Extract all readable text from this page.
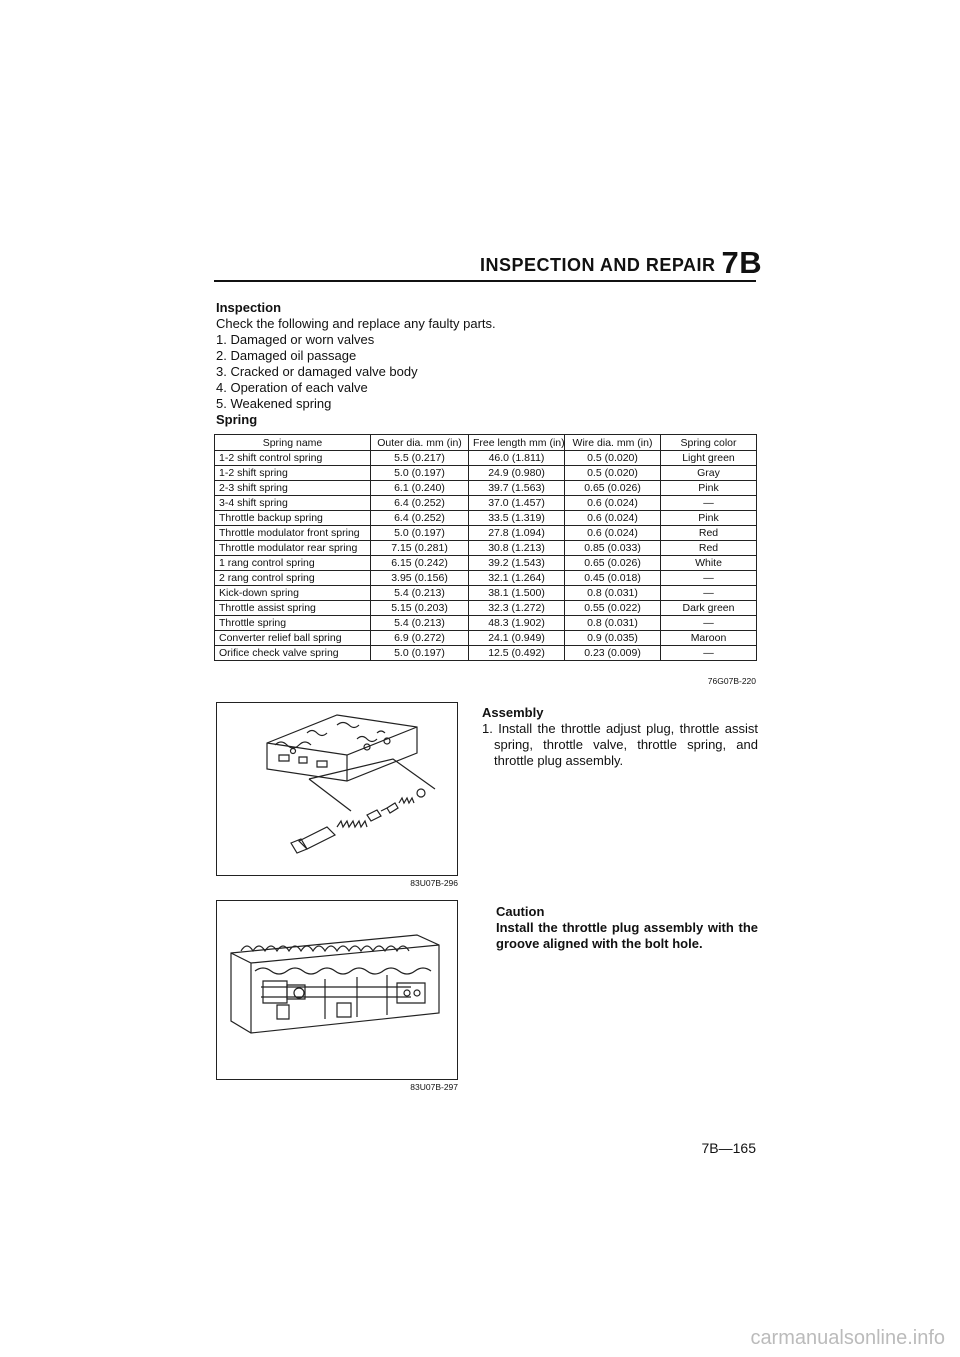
INSPECTION AND REPAIR 7B
Inspection
Check the following and replace any faulty parts.
1. Damaged or worn valves
2. Damaged oil passage
3. Cracked or damaged valve body
4. Operation of each valve
5. Weakened spring
Spring
Spring name	Outer dia. mm (in)	Free length mm (in)	Wire dia. mm (in)	Spring color
1-2 shift control spring	5.5 (0.217)	46.0 (1.811)	0.5 (0.020)	Light green
1-2 shift spring	5.0 (0.197)	24.9 (0.980)	0.5 (0.020)	Gray
2-3 shift spring	6.1 (0.240)	39.7 (1.563)	0.65 (0.026)	Pink
3-4 shift spring	6.4 (0.252)	37.0 (1.457)	0.6 (0.024)	—
Throttle backup spring	6.4 (0.252)	33.5 (1.319)	0.6 (0.024)	Pink
Throttle modulator front spring	5.0 (0.197)	27.8 (1.094)	0.6 (0.024)	Red
Throttle modulator rear spring	7.15 (0.281)	30.8 (1.213)	0.85 (0.033)	Red
1 rang control spring	6.15 (0.242)	39.2 (1.543)	0.65 (0.026)	White
2 rang control spring	3.95 (0.156)	32.1 (1.264)	0.45 (0.018)	—
Kick-down spring	5.4 (0.213)	38.1 (1.500)	0.8 (0.031)	—
Throttle assist spring	5.15 (0.203)	32.3 (1.272)	0.55 (0.022)	Dark green
Throttle spring	5.4 (0.213)	48.3 (1.902)	0.8 (0.031)	—
Converter relief ball spring	6.9 (0.272)	24.1 (0.949)	0.9 (0.035)	Maroon
Orifice check valve spring	5.0 (0.197)	12.5 (0.492)	0.23 (0.009)	—
76G07B-220
83U07B-296
83U07B-297
Assembly
1. Install the throttle adjust plug, throttle assist spring, throttle valve, throttle spring, and throttle plug assembly.
Caution
Install the throttle plug assembly with the groove aligned with the bolt hole.
7B—165
carmanualsonline.info
